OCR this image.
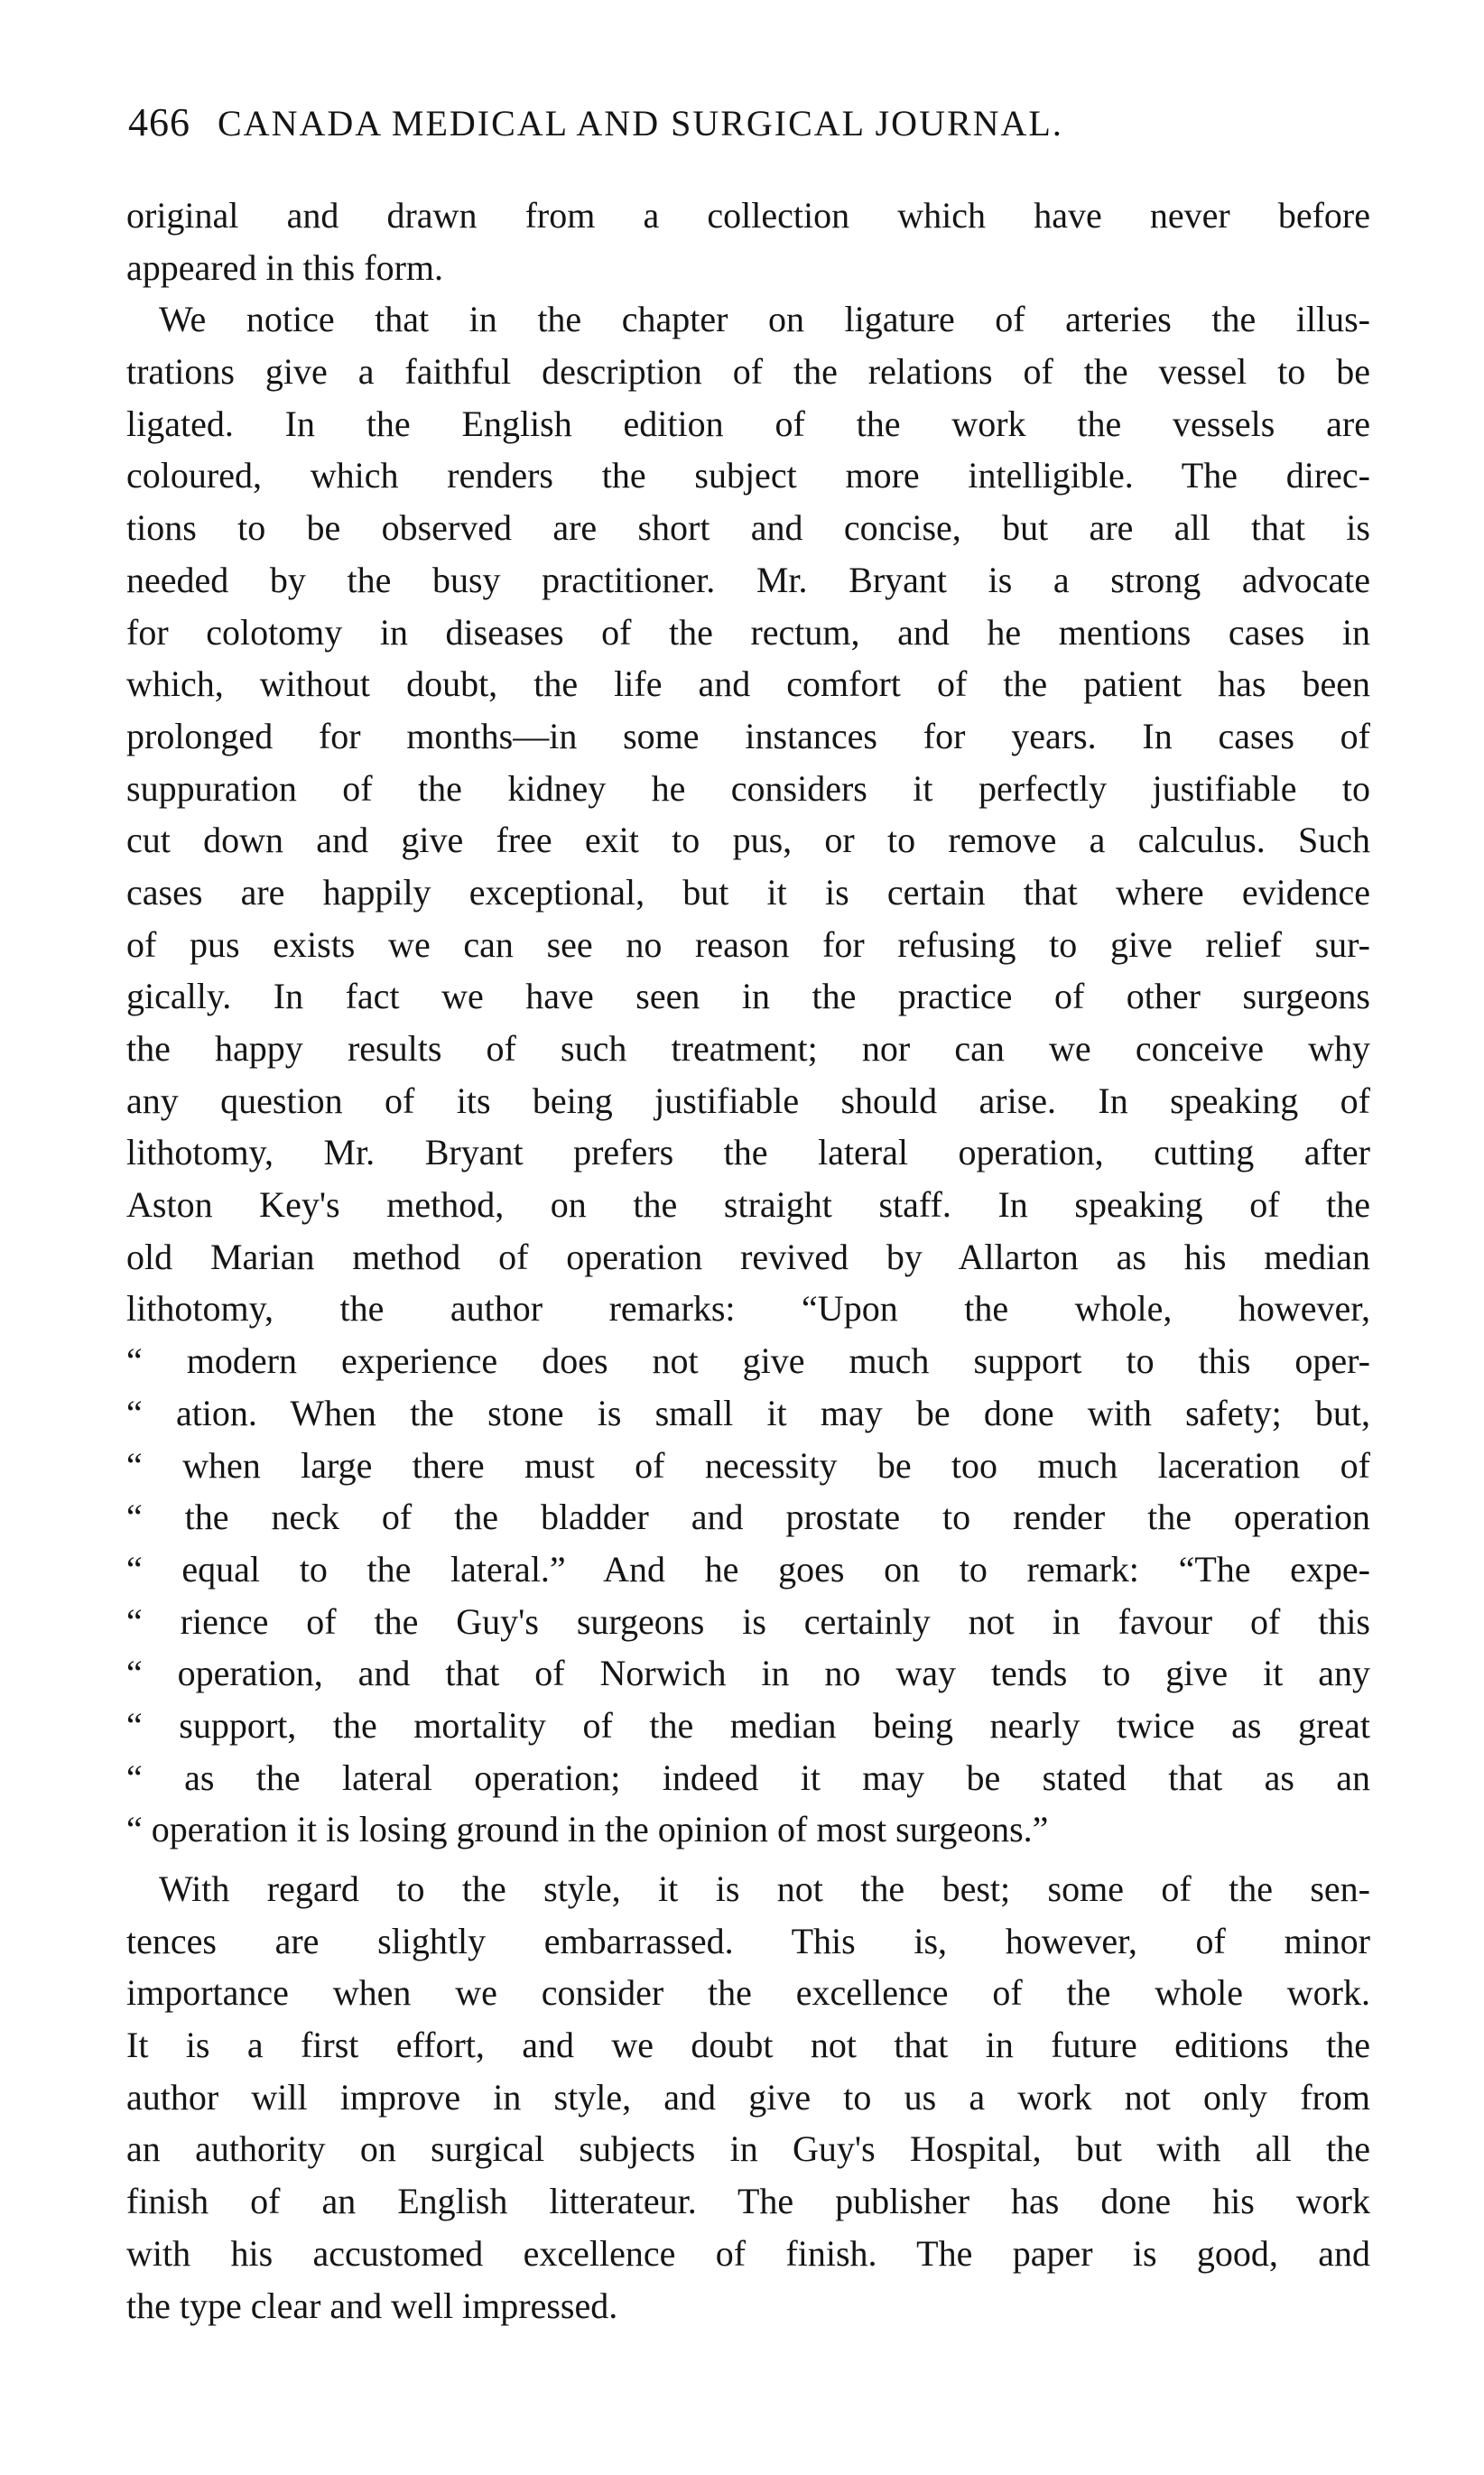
466 CANADA MEDICAL AND SURGICAL JOURNAL.
original and drawn from a collection which have never before
appeared in this form.
We notice that in the chapter on ligature of arteries the illus-
trations give a faithful description of the relations of the vessel to be
ligated. In the English edition of the work the vessels are
coloured, which renders the subject more intelligible. The direc-
tions to be observed are short and concise, but are all that is
needed by the busy practitioner. Mr. Bryant is a strong advocate
for colotomy in diseases of the rectum, and he mentions cases in
which, without doubt, the life and comfort of the patient has been
prolonged for months—in some instances for years. In cases of
suppuration of the kidney he considers it perfectly justifiable to
cut down and give free exit to pus, or to remove a calculus. Such
cases are happily exceptional, but it is certain that where evidence
of pus exists we can see no reason for refusing to give relief sur-
gically. In fact we have seen in the practice of other surgeons
the happy results of such treatment; nor can we conceive why
any question of its being justifiable should arise. In speaking of
lithotomy, Mr. Bryant prefers the lateral operation, cutting after
Aston Key's method, on the straight staff. In speaking of the
old Marian method of operation revived by Allarton as his median
lithotomy, the author remarks: “Upon the whole, however,
“ modern experience does not give much support to this oper-
“ ation. When the stone is small it may be done with safety; but,
“ when large there must of necessity be too much laceration of
“ the neck of the bladder and prostate to render the operation
“ equal to the lateral.” And he goes on to remark: “The expe-
“ rience of the Guy's surgeons is certainly not in favour of this
“ operation, and that of Norwich in no way tends to give it any
“ support, the mortality of the median being nearly twice as great
“ as the lateral operation; indeed it may be stated that as an
“ operation it is losing ground in the opinion of most surgeons.”
With regard to the style, it is not the best; some of the sen-
tences are slightly embarrassed. This is, however, of minor
importance when we consider the excellence of the whole work.
It is a first effort, and we doubt not that in future editions the
author will improve in style, and give to us a work not only from
an authority on surgical subjects in Guy's Hospital, but with all the
finish of an English litterateur. The publisher has done his work
with his accustomed excellence of finish. The paper is good, and
the type clear and well impressed.
